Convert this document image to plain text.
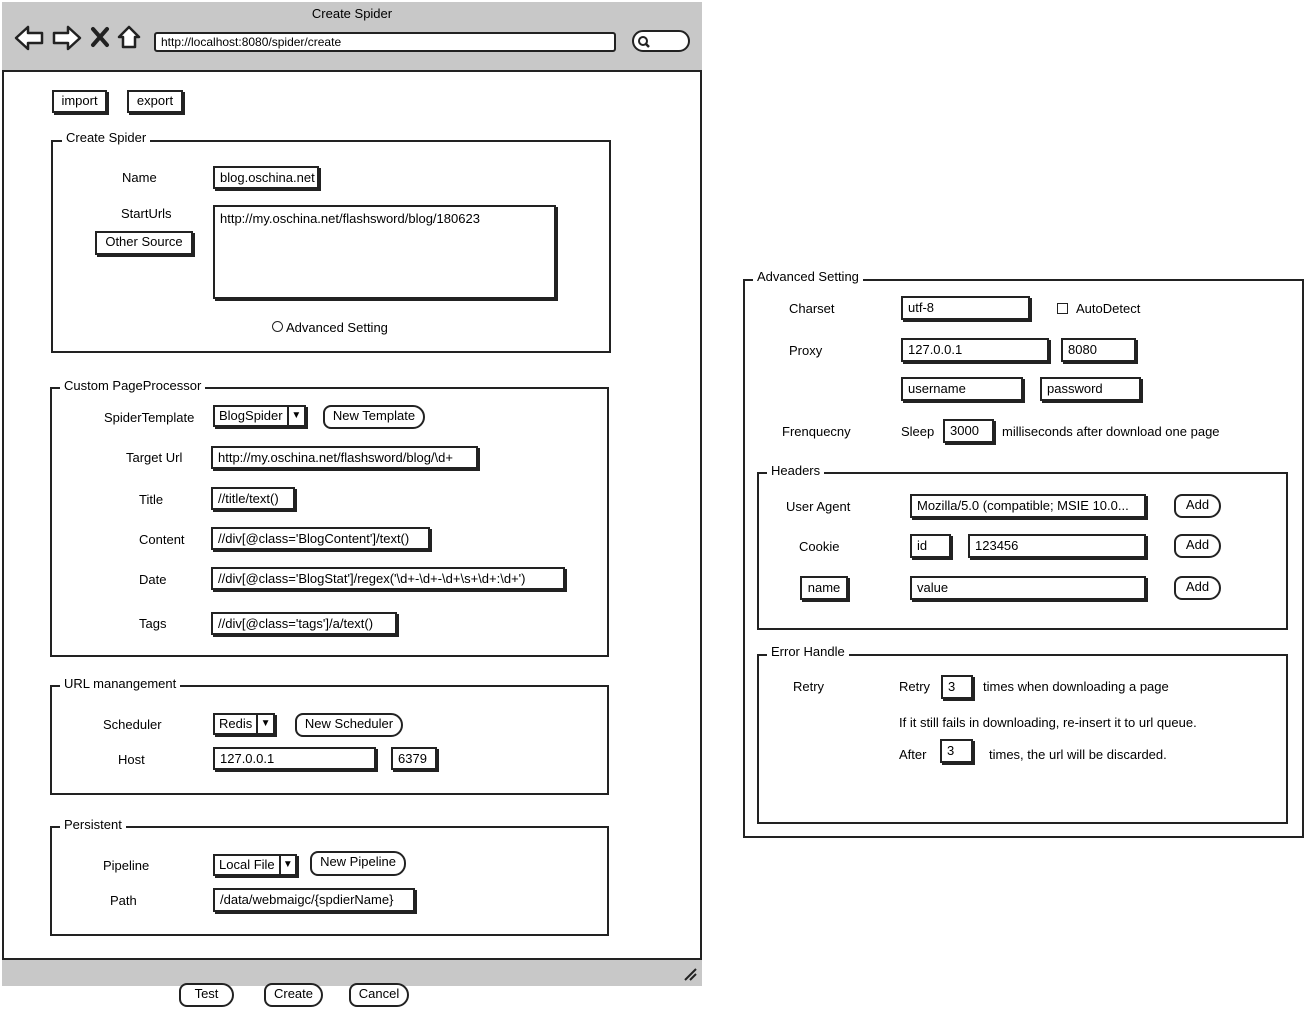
Create Spider
http://localhost:8080/spider/create
import	export
Create Spider
Name	blog.oschina.net
StartUrls
Other Source
http://my.oschina.net/flashsword/blog/180623
Advanced Setting
Custom PageProcessor
SpiderTemplate	BlogSpider ▼	New Template
Target Url	http://my.oschina.net/flashsword/blog/\d+
Title	//title/text()
Content	//div[@class='BlogContent']/text()
Date	//div[@class='BlogStat']/regex('\d+-\d+-\d+\s+\d+:\d+')
Tags	//div[@class='tags']/a/text()
URL manangement
Scheduler	Redis ▼	New Scheduler
Host	127.0.0.1	6379
Persistent
Pipeline	Local File ▼	New Pipeline
Path	/data/webmaigc/{spdierName}
Test	Create	Cancel
Advanced Setting
Charset	utf-8	AutoDetect
Proxy	127.0.0.1	8080
username	password
Frenquecny	Sleep	3000	milliseconds after download one page
Headers
User Agent	Mozilla/5.0 (compatible; MSIE 10.0...	Add
Cookie	id	123456	Add
name	value	Add
Error Handle
Retry	Retry	3	times when downloading a page
If it still fails in downloading, re-insert it to url queue.
After	3	times, the url will be discarded.
